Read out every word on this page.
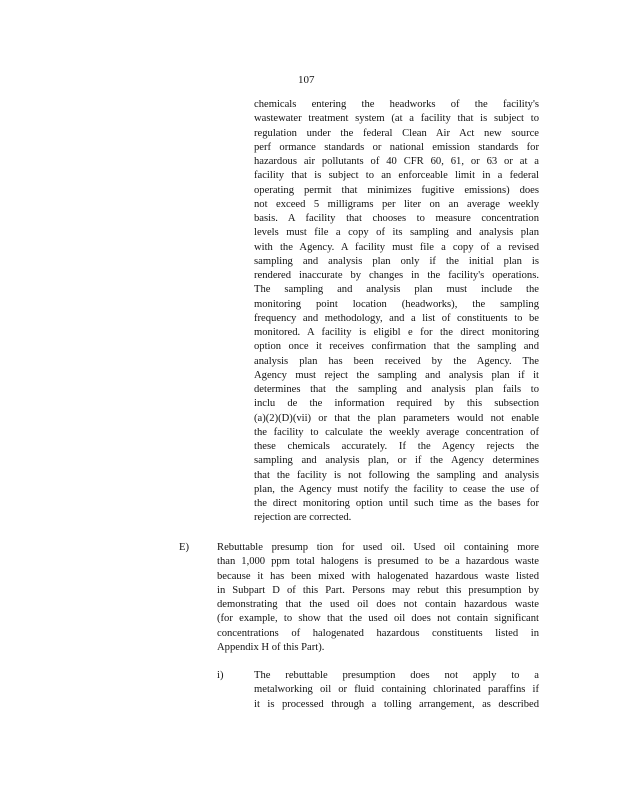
107
chemicals entering the headworks of the facility's
wastewater treatment system (at a facility that is subject to
regulation under the federal Clean Air Act new source
perf ormance standards or national emission standards for
hazardous air pollutants of 40 CFR 60, 61, or 63 or at a
facility that is subject to an enforceable limit in a federal
operating permit that minimizes fugitive emissions) does
not exceed 5 milligrams per liter on an average weekly
basis. A facility that chooses to measure concentration
levels must file a copy of its sampling and analysis plan
with the Agency. A facility must file a copy of a revised
sampling and analysis plan only if the initial plan is
rendered inaccurate by changes in the facility's operations.
The sampling and analysis plan must include the
monitoring point location (headworks), the sampling
frequency and methodology, and a list of constituents to be
monitored. A facility is eligibl e for the direct monitoring
option once it receives confirmation that the sampling and
analysis plan has been received by the Agency. The
Agency must reject the sampling and analysis plan if it
determines that the sampling and analysis plan fails to
inclu de the information required by this subsection
(a)(2)(D)(vii) or that the plan parameters would not enable
the facility to calculate the weekly average concentration of
these chemicals accurately. If the Agency rejects the
sampling and analysis plan, or if the Agency determines
that the facility is not following the sampling and analysis
plan, the Agency must notify the facility to cease the use of
the direct monitoring option until such time as the bases for
rejection are corrected.
E)	Rebuttable presump tion for used oil. Used oil containing more
than 1,000 ppm total halogens is presumed to be a hazardous waste
because it has been mixed with halogenated hazardous waste listed
in Subpart D of this Part. Persons may rebut this presumption by
demonstrating that the used oil does not contain hazardous waste
(for example, to show that the used oil does not contain significant
concentrations of halogenated hazardous constituents listed in
Appendix H of this Part).
i)	The rebuttable presumption does not apply to a
metalworking oil or fluid containing chlorinated paraffins if
it is processed through a tolling arrangement, as described
